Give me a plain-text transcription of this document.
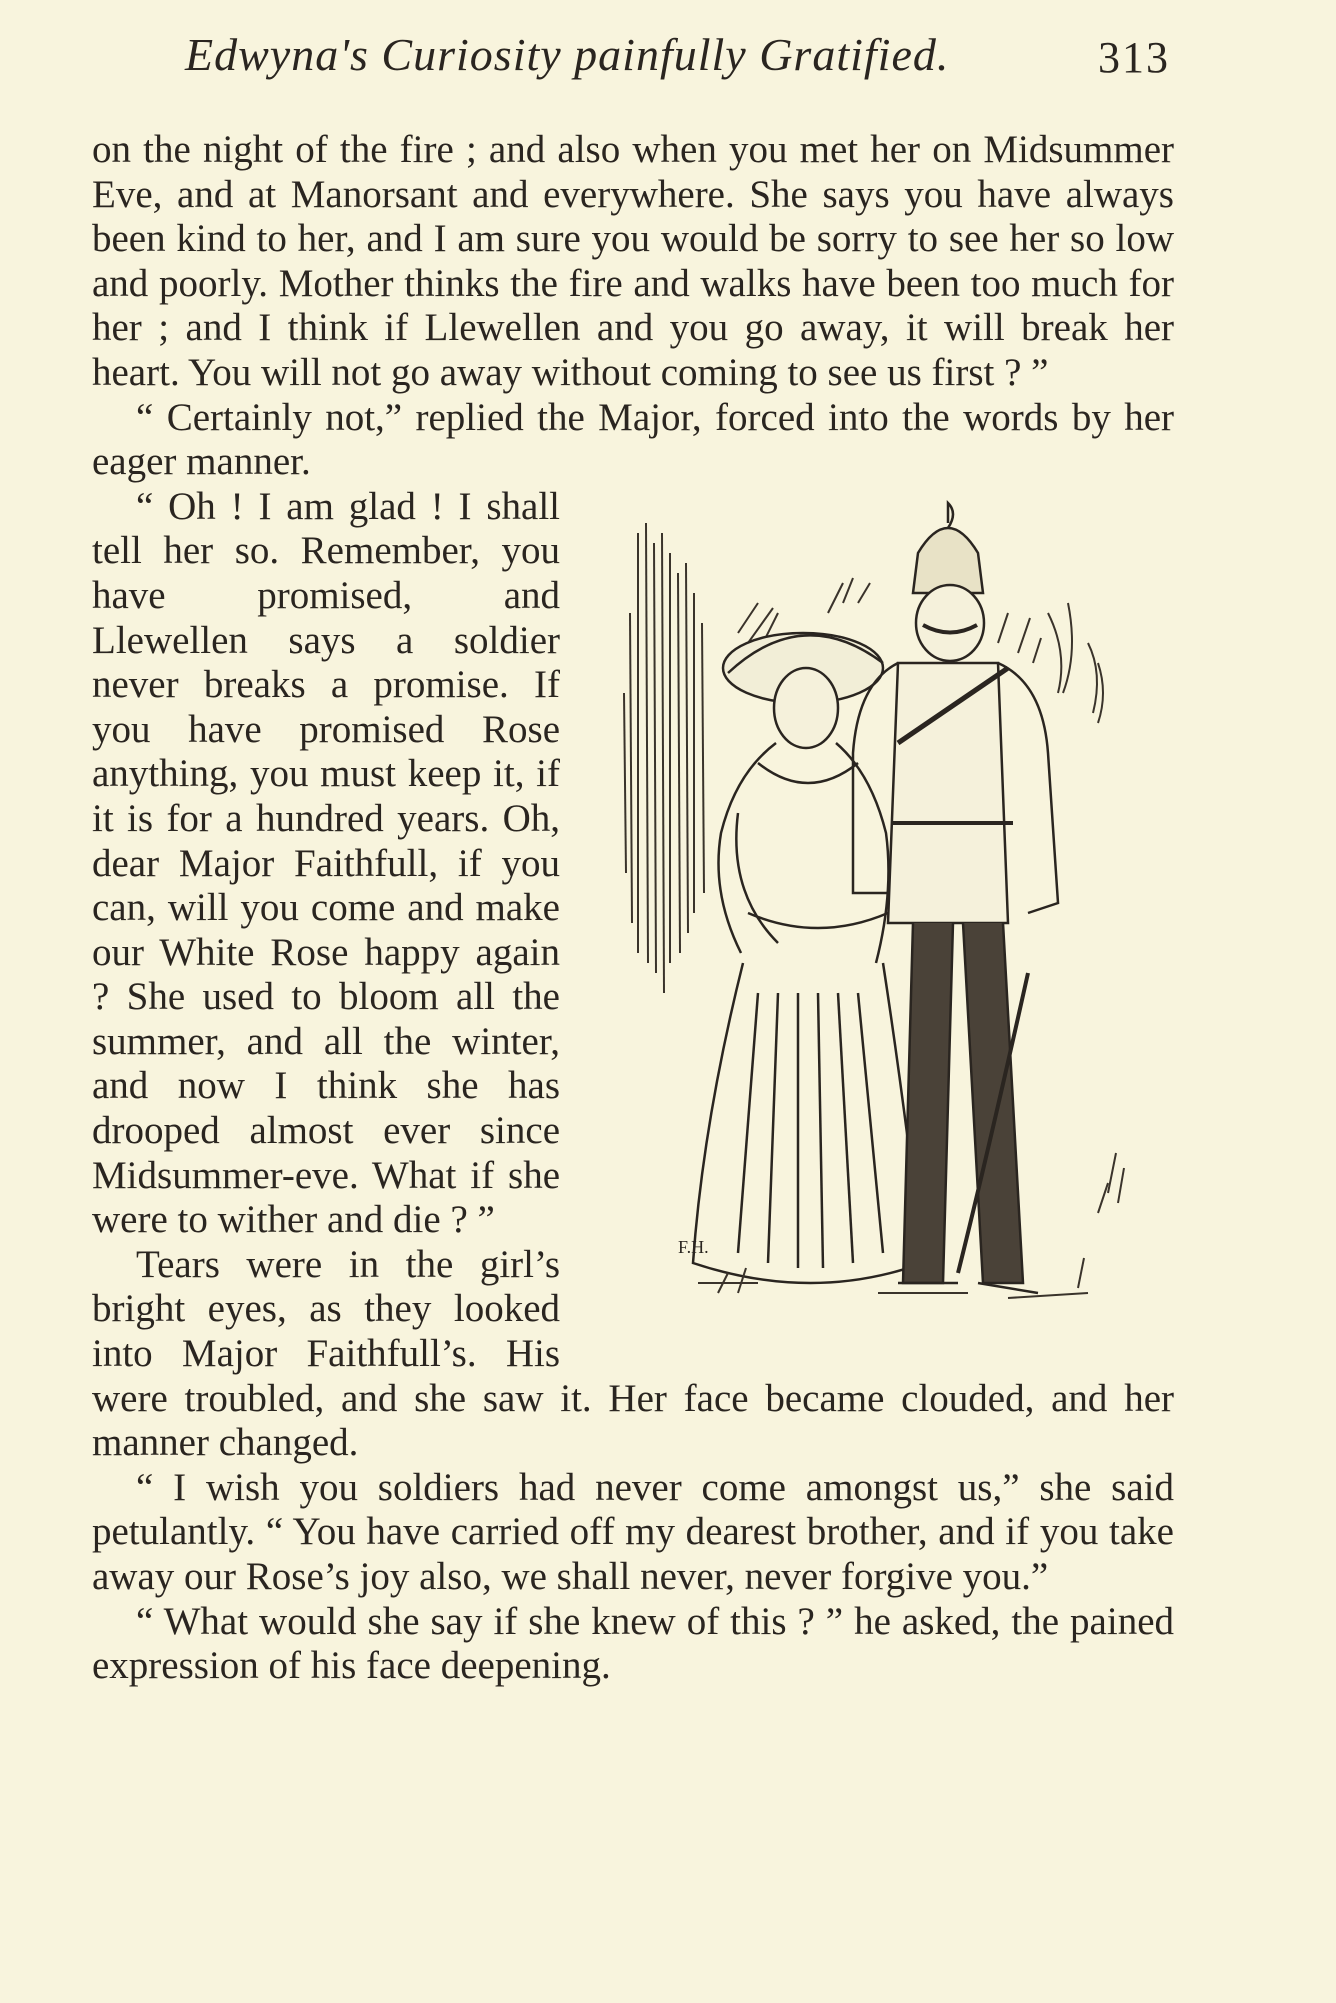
Edwyna's Curiosity painfully Gratified.	313

on the night of the fire ; and also when you met her on Midsummer Eve, and at Manorsant and everywhere. She says you have always been kind to her, and I am sure you would be sorry to see her so low and poorly. Mother thinks the fire and walks have been too much for her ; and I think if Llewellen and you go away, it will break her heart. You will not go away without coming to see us first ? ”

“ Certainly not,” replied the Major, forced into the words by her eager manner.

F.H.

“ Oh ! I am glad ! I shall tell her so. Remember, you have promised, and Llewellen says a soldier never breaks a promise. If you have promised Rose anything, you must keep it, if it is for a hundred years. Oh, dear Major Faithfull, if you can, will you come and make our White Rose happy again ? She used to bloom all the summer, and all the winter, and now I think she has drooped almost ever since Midsummer-eve. What if she were to wither and die ? ”

Tears were in the girl’s bright eyes, as they looked into Major Faithfull’s. His were troubled, and she saw it. Her face became clouded, and her manner changed.

“ I wish you soldiers had never come amongst us,” she said petulantly. “ You have carried off my dearest brother, and if you take away our Rose’s joy also, we shall never, never forgive you.”

“ What would she say if she knew of this ? ” he asked, the pained expression of his face deepening.
